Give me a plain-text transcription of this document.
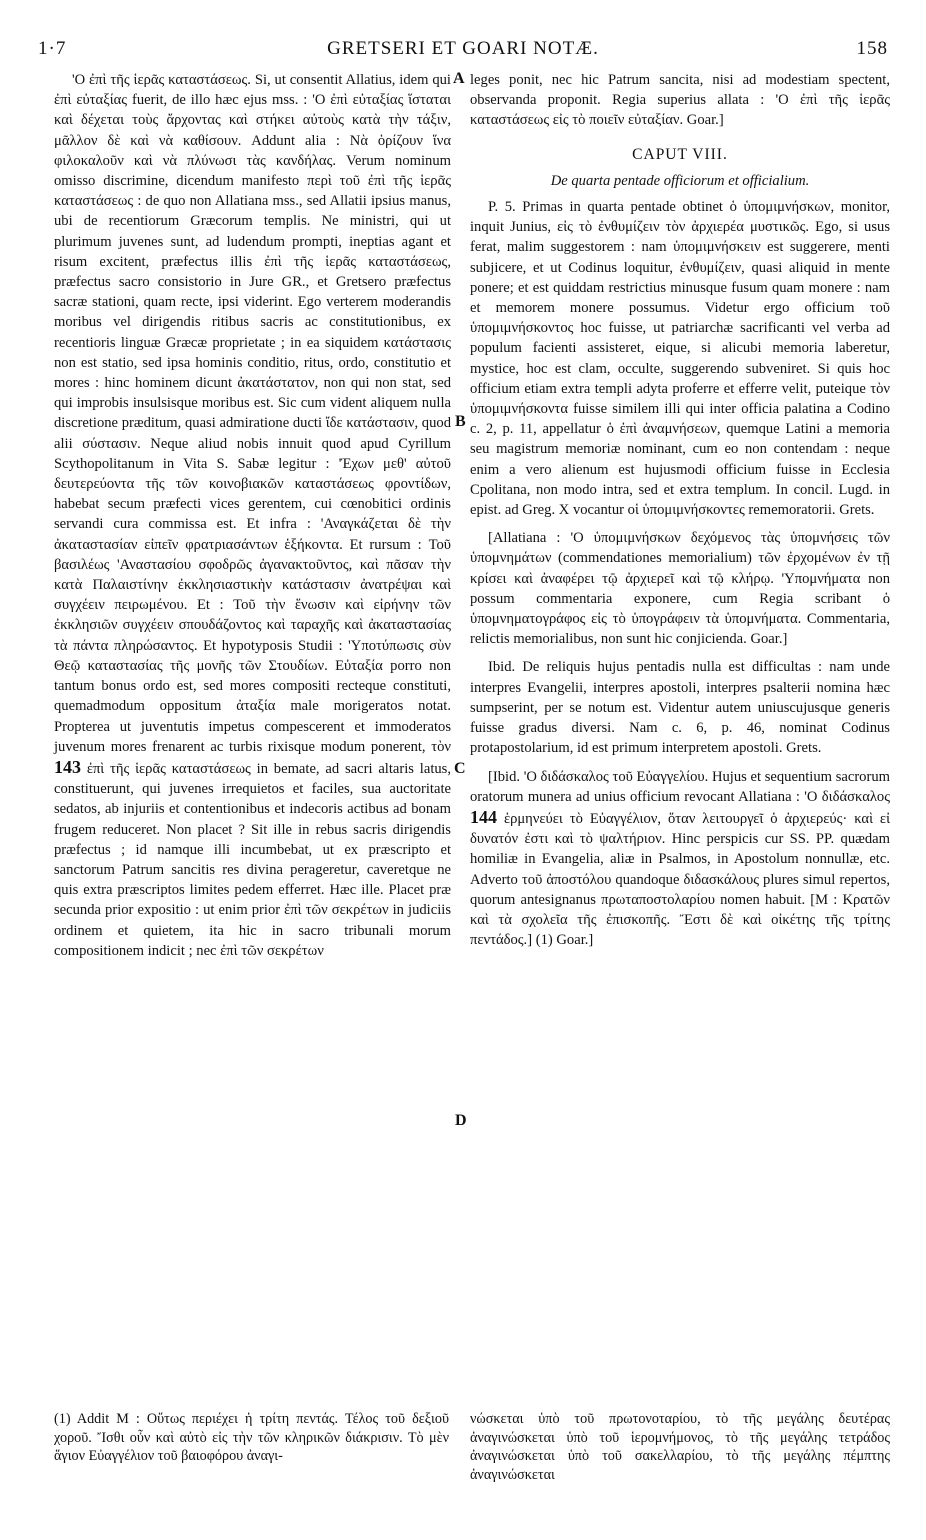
1·7	GRETSERI ET GOARI NOTÆ.	158
A
B
C
D

'Ο ἐπὶ τῆς ἱερᾶς καταστάσεως. Si, ut consentit Allatius, idem qui ἐπὶ εὐταξίας fuerit, de illo hæc ejus mss. : 'Ο ἐπὶ εὐταξίας ἵσταται καὶ δέχεται τοὺς ἄρχοντας καὶ στήκει αὐτοὺς κατὰ τὴν τάξιν, μᾶλλον δὲ καὶ νὰ καθίσουν. Addunt alia : Νὰ ὁρίζουν ἵνα φιλοκαλοῦν καὶ νὰ πλύνωσι τὰς κανδήλας. Verum nominum omisso discrimine, dicendum manifesto περὶ τοῦ ἐπὶ τῆς ἱερᾶς καταστάσεως : de quo non Allatiana mss., sed Allatii ipsius manus, ubi de recentiorum Græcorum templis. Ne ministri, qui ut plurimum juvenes sunt, ad ludendum prompti, ineptias agant et risum excitent, præfectus illis ἐπὶ τῆς ἱερᾶς καταστάσεως, præfectus sacro consistorio in Jure GR., et Gretsero præfectus sacræ stationi, quam recte, ipsi viderint. Ego verterem moderandis moribus vel dirigendis ritibus sacris ac constitutionibus, ex recentioris linguæ Græcæ proprietate ; in ea siquidem κατάστασις non est statio, sed ipsa hominis conditio, ritus, ordo, constitutio et mores : hinc hominem dicunt ἀκατάστατον, non qui non stat, sed qui improbis insulsisque moribus est. Sic cum vident aliquem nulla discretione præditum, quasi admiratione ducti ἴδε κατάστασιν, quod alii σύστασιν. Neque aliud nobis innuit quod apud Cyrillum Scythopolitanum in Vita S. Sabæ legitur : 'Έχων μεθ' αὐτοῦ δευτερεύοντα τῆς τῶν κοινοβιακῶν καταστάσεως φροντίδων, habebat secum præfecti vices gerentem, cui cœnobitici ordinis servandi cura commissa est. Et infra : 'Αναγκάζεται δὲ τὴν ἀκαταστασίαν εἰπεῖν φρατριασάντων ἑξήκοντα. Et rursum : Τοῦ βασιλέως 'Αναστασίου σφοδρῶς ἀγανακτοῦντος, καὶ πᾶσαν τὴν κατὰ Παλαιστίνην ἐκκλησιαστικὴν κατάστασιν ἀνατρέψαι καὶ συγχέειν πειρωμένου. Et : Τοῦ τὴν ἕνωσιν καὶ εἰρήνην τῶν ἐκκλησιῶν συγχέειν σπουδάζοντος καὶ ταραχῆς καὶ ἀκαταστασίας τὰ πάντα πληρώσαντος. Et hypotyposis Studii : 'Υποτύπωσις σὺν Θεῷ καταστασίας τῆς μονῆς τῶν Στουδίων. Εὐταξία porro non tantum bonus ordo est, sed mores compositi recteque constituti, quemadmodum oppositum ἀταξία male morigeratos notat. Propterea ut juventutis impetus compescerent et immoderatos juvenum mores frenarent ac turbis rixisque modum ponerent, τὸν 143 ἐπὶ τῆς ἱερᾶς καταστάσεως in bemate, ad sacri altaris latus, constituerunt, qui juvenes irrequietos et faciles, sua auctoritate sedatos, ab injuriis et contentionibus et indecoris actibus ad bonam frugem reduceret. Non placet ? Sit ille in rebus sacris dirigendis præfectus ; id namque illi incumbebat, ut ex præscripto et sanctorum Patrum sancitis res divina perageretur, caveretque ne quis extra præscriptos limites pedem efferret. Hæc ille. Placet præ secunda prior expositio : ut enim prior ἐπὶ τῶν σεκρέτων in judiciis ordinem et quietem, ita hic in sacro tribunali morum compositionem indicit ; nec ἐπὶ τῶν σεκρέτων

leges ponit, nec hic Patrum sancita, nisi ad modestiam spectent, observanda proponit. Regia superius allata : 'Ο ἐπὶ τῆς ἱερᾶς καταστάσεως εἰς τὸ ποιεῖν εὐταξίαν. Goar.]

CAPUT VIII.

De quarta pentade officiorum et officialium.

P. 5. Primas in quarta pentade obtinet ὁ ὑπομιμνήσκων, monitor, inquit Junius, εἰς τὸ ἐνθυμίζειν τὸν ἀρχιερέα μυστικῶς. Ego, si usus ferat, malim suggestorem : nam ὑπομιμνήσκειν est suggerere, menti subjicere, et ut Codinus loquitur, ἐνθυμίζειν, quasi aliquid in mente ponere; et est quiddam restrictius minusque fusum quam monere : nam et memorem monere possumus. Videtur ergo officium τοῦ ὑπομιμνήσκοντος hoc fuisse, ut patriarchæ sacrificanti vel verba ad populum facienti assisteret, eique, si alicubi memoria laberetur, mystice, hoc est clam, occulte, suggerendo subveniret. Si quis hoc officium etiam extra templi adyta proferre et efferre velit, puteique τὸν ὑπομιμνήσκοντα fuisse similem illi qui inter officia palatina a Codino c. 2, p. 11, appellatur ὁ ἐπὶ ἀναμνήσεων, quemque Latini a memoria seu magistrum memoriæ nominant, cum eo non contendam : neque enim a vero alienum est hujusmodi officium fuisse in Ecclesia Cpolitana, non modo intra, sed et extra templum. In concil. Lugd. in epist. ad Greg. X vocantur οἱ ὑπομιμνήσκοντες rememoratorii. Grets.

[Allatiana : 'Ο ὑπομιμνήσκων δεχόμενος τὰς ὑπομνήσεις τῶν ὑπομνημάτων (commendationes memorialium) τῶν ἐρχομένων ἐν τῇ κρίσει καὶ ἀναφέρει τῷ ἀρχιερεῖ καὶ τῷ κλήρῳ. 'Υπομνήματα non possum commentaria exponere, cum Regia scribant ὁ ὑπομνηματογράφος εἰς τὸ ὑπογράφειν τὰ ὑπομνήματα. Commentaria, relictis memorialibus, non sunt hic conjicienda. Goar.]

Ibid. De reliquis hujus pentadis nulla est difficultas : nam unde interpres Evangelii, interpres apostoli, interpres psalterii nomina hæc sumpserint, per se notum est. Videntur autem uniuscujusque generis fuisse gradus diversi. Nam c. 6, p. 46, nominat Codinus protapostolarium, id est primum interpretem apostoli. Grets.

[Ibid. 'Ο διδάσκαλος τοῦ Εὐαγγελίου. Hujus et sequentium sacrorum oratorum munera ad unius officium revocant Allatiana : 'Ο διδάσκαλος 144 ἑρμηνεύει τὸ Εὐαγγέλιον, ὅταν λειτουργεῖ ὁ ἀρχιερεύς· καὶ εἰ δυνατόν ἐστι καὶ τὸ ψαλτήριον. Hinc perspicis cur SS. PP. quædam homiliæ in Evangelia, aliæ in Psalmos, in Apostolum nonnullæ, etc. Adverto τοῦ ἀποστόλου quandoque διδασκάλους plures simul repertos, quorum antesignanus πρωταποστολαρίου nomen habuit. [M : Κρατῶν καὶ τὰ σχολεῖα τῆς ἐπισκοπῆς. Ἔστι δὲ καὶ οἰκέτης τῆς τρίτης πεντάδος.] (1) Goar.]

(1) Addit M : Οὕτως περιέχει ἡ τρίτη πεντάς. Τέλος τοῦ δεξιοῦ χοροῦ. Ἴσθι οὖν καὶ αὐτὸ εἰς τὴν τῶν κληρικῶν διάκρισιν. Τὸ μὲν ἅγιον Εὐαγγέλιον τοῦ βαιοφόρου ἀναγι-
νώσκεται ὑπὸ τοῦ πρωτονοταρίου, τὸ τῆς μεγάλης δευτέρας ἀναγινώσκεται ὑπὸ τοῦ ἱερομνήμονος, τὸ τῆς μεγάλης τετράδος ἀναγινώσκεται ὑπὸ τοῦ σακελλαρίου, τὸ τῆς μεγάλης πέμπτης ἀναγινώσκεται
